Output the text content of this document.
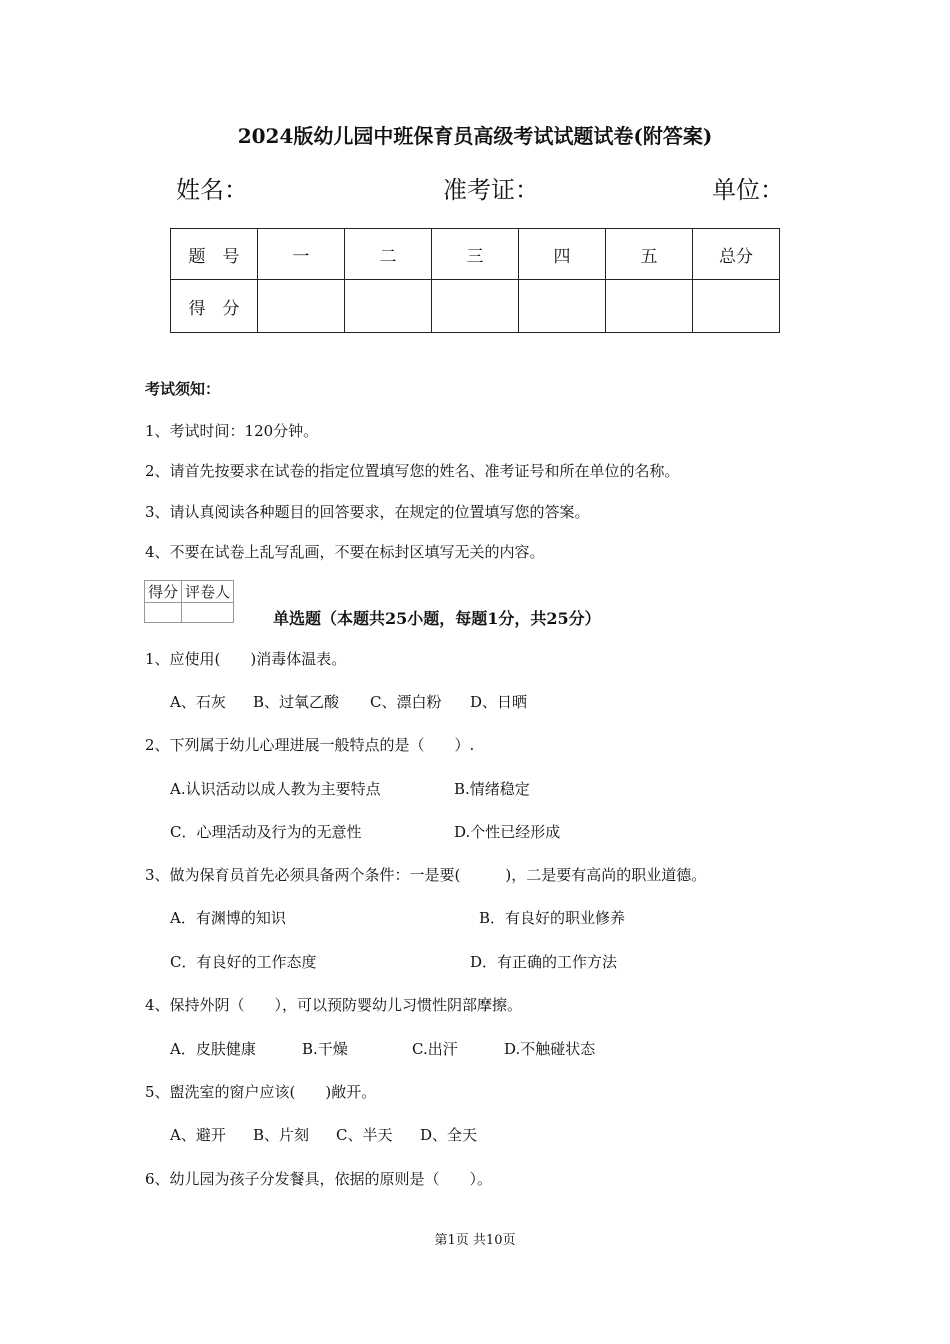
2024版幼儿园中班保育员高级考试试题试卷(附答案)
姓名：	准考证：	单位：
题　号	一	二	三	四	五	总分
得　分						
考试须知：
1、考试时间：120分钟。
2、请首先按要求在试卷的指定位置填写您的姓名、准考证号和所在单位的名称。
3、请认真阅读各种题目的回答要求，在规定的位置填写您的答案。
4、不要在试卷上乱写乱画，不要在标封区填写无关的内容。
得分	评卷人

单选题（本题共25小题，每题1分，共25分）
1、应使用(　　)消毒体温表。
A、石灰 B、过氧乙酸 C、漂白粉 D、日晒
2、下列属于幼儿心理进展一般特点的是（　　）.
A.认识活动以成人教为主要特点	B.情绪稳定
C．心理活动及行为的无意性	D.个性已经形成
3、做为保育员首先必须具备两个条件：一是要(　　　)，二是要有高尚的职业道德。
A．有渊博的知识	B．有良好的职业修养
C．有良好的工作态度	D．有正确的工作方法
4、保持外阴（　　），可以预防婴幼儿习惯性阴部摩擦。
A．皮肤健康	B.干燥	C.出汗	D.不触碰状态
5、盥洗室的窗户应该(　　)敞开。
A、避开 B、片刻 C、半天 D、全天
6、幼儿园为孩子分发餐具，依据的原则是（　　）。
第1页 共10页
